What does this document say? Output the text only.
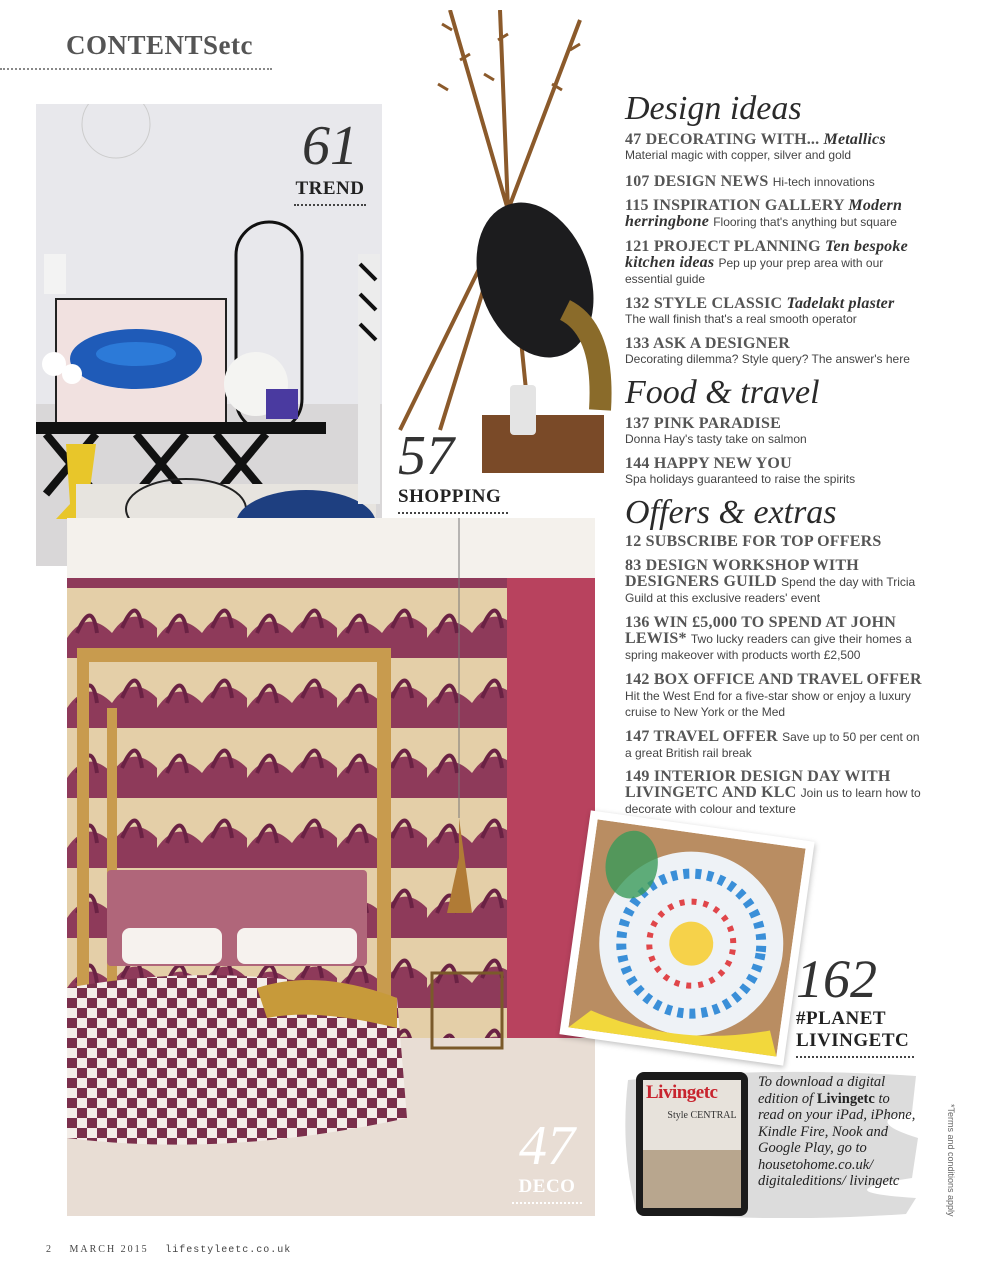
CONTENTSetc
61
TREND
57
SHOPPING
47
DECO
Design ideas
47 DECORATING WITH... Metallics
Material magic with copper, silver and gold
107 DESIGN NEWS Hi-tech innovations
115 INSPIRATION GALLERY Modern herringbone Flooring that's anything but square
121 PROJECT PLANNING Ten bespoke kitchen ideas Pep up your prep area with our essential guide
132 STYLE CLASSIC Tadelakt plaster
The wall finish that's a real smooth operator
133 ASK A DESIGNER
Decorating dilemma? Style query? The answer's here
Food & travel
137 PINK PARADISE
Donna Hay's tasty take on salmon
144 HAPPY NEW YOU
Spa holidays guaranteed to raise the spirits
Offers & extras
12 SUBSCRIBE FOR TOP OFFERS
83 DESIGN WORKSHOP WITH DESIGNERS GUILD Spend the day with Tricia Guild at this exclusive readers' event
136 WIN £5,000 TO SPEND AT JOHN LEWIS* Two lucky readers can give their homes a spring makeover with products worth £2,500
142 BOX OFFICE AND TRAVEL OFFER Hit the West End for a five-star show or enjoy a luxury cruise to New York or the Med
147 TRAVEL OFFER Save up to 50 per cent on a great British rail break
149 INTERIOR DESIGN DAY WITH LIVINGETC AND KLC Join us to learn how to decorate with colour and texture
162
#PLANET
LIVINGETC
Livingetc
Style CENTRAL
To download a digital edition of Livingetc to read on your iPad, iPhone, Kindle Fire, Nook and Google Play, go to housetohome.co.uk/ digitaleditions/ livingetc	*Terms and conditions apply
2 MARCH 2015 lifestyleetc.co.uk
